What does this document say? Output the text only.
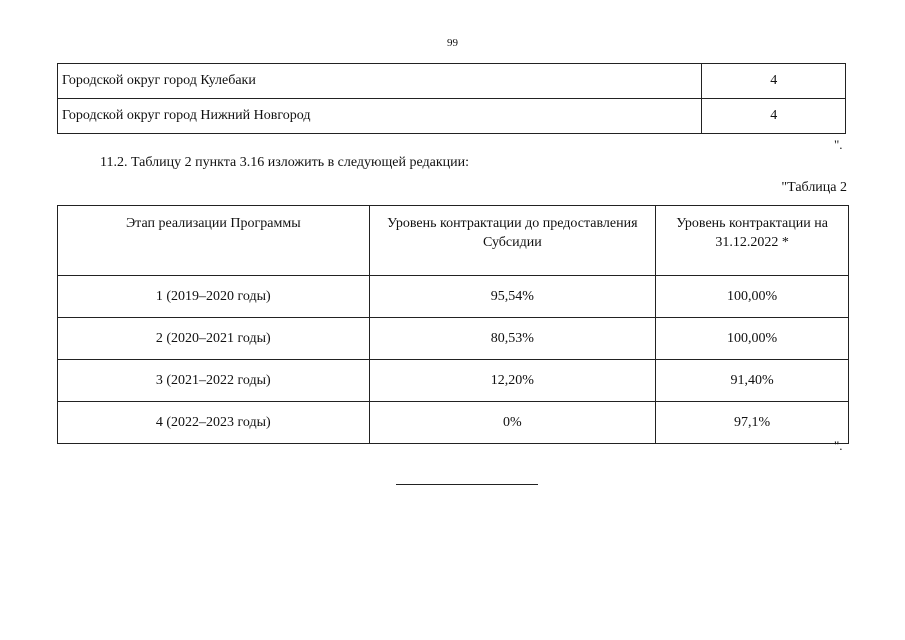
99
Городской округ город Кулебаки	4
Городской округ город Нижний Новгород	4
".
11.2. Таблицу 2 пункта 3.16 изложить в следующей редакции:
"Таблица 2
Этап реализации Программы	Уровень контрактации до предоставления Субсидии	Уровень контрактации на 31.12.2022 *
1 (2019–2020 годы)	95,54%	100,00%
2 (2020–2021 годы)	80,53%	100,00%
3 (2021–2022 годы)	12,20%	91,40%
4 (2022–2023 годы)	0%	97,1%
".
